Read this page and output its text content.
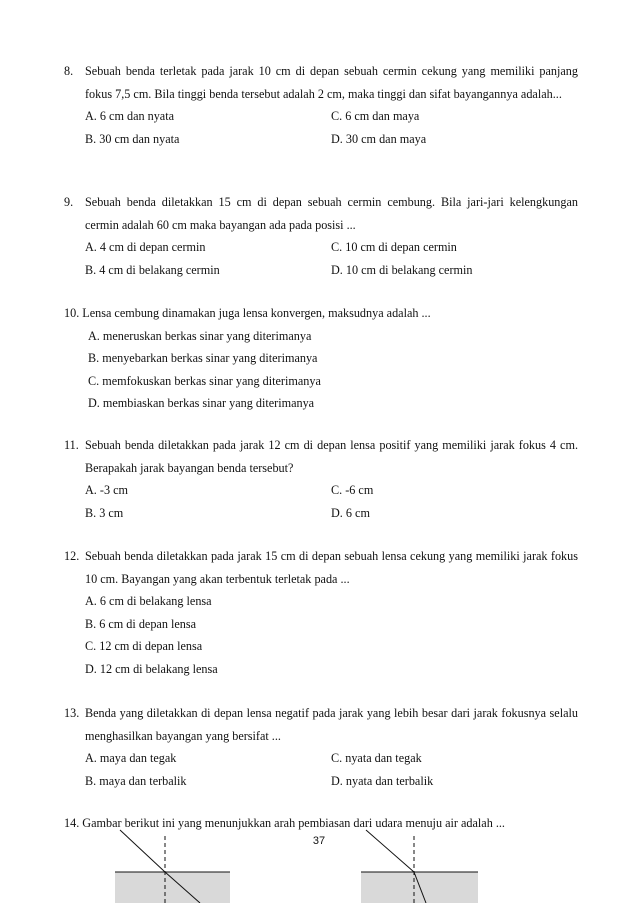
8. Sebuah benda terletak pada jarak 10 cm di depan sebuah cermin cekung yang memiliki panjang fokus 7,5 cm. Bila tinggi benda tersebut adalah 2 cm, maka tinggi dan sifat bayangannya adalah...
A. 6 cm dan nyata	C. 6 cm dan maya
B. 30 cm dan nyata	D. 30 cm dan maya
9. Sebuah benda diletakkan 15 cm di depan sebuah cermin cembung. Bila jari-jari kelengkungan cermin adalah 60 cm maka bayangan ada pada posisi ...
A. 4 cm di depan cermin	C. 10 cm di depan cermin
B. 4 cm di belakang cermin	D. 10 cm di belakang cermin
10. Lensa cembung dinamakan juga lensa konvergen, maksudnya adalah ...
A. meneruskan berkas sinar yang diterimanya
B. menyebarkan berkas sinar yang diterimanya
C. memfokuskan berkas sinar yang diterimanya
D. membiaskan berkas sinar yang diterimanya
11. Sebuah benda diletakkan pada jarak 12 cm di depan lensa positif yang memiliki jarak fokus 4 cm. Berapakah jarak bayangan benda tersebut?
A. -3 cm	C. -6 cm
B. 3 cm	D. 6 cm
12. Sebuah benda diletakkan pada jarak 15 cm di depan sebuah lensa cekung yang memiliki jarak fokus 10 cm. Bayangan yang akan terbentuk terletak pada ...
A. 6 cm di belakang lensa
B. 6 cm di depan lensa
C. 12 cm di depan lensa
D. 12 cm di belakang lensa
13. Benda yang diletakkan di depan lensa negatif pada jarak yang lebih besar dari jarak fokusnya selalu menghasilkan bayangan yang bersifat ...
A. maya dan tegak	C. nyata dan tegak
B. maya dan terbalik	D. nyata dan terbalik
14. Gambar berikut ini yang menunjukkan arah pembiasan dari udara menuju air adalah ...
37
